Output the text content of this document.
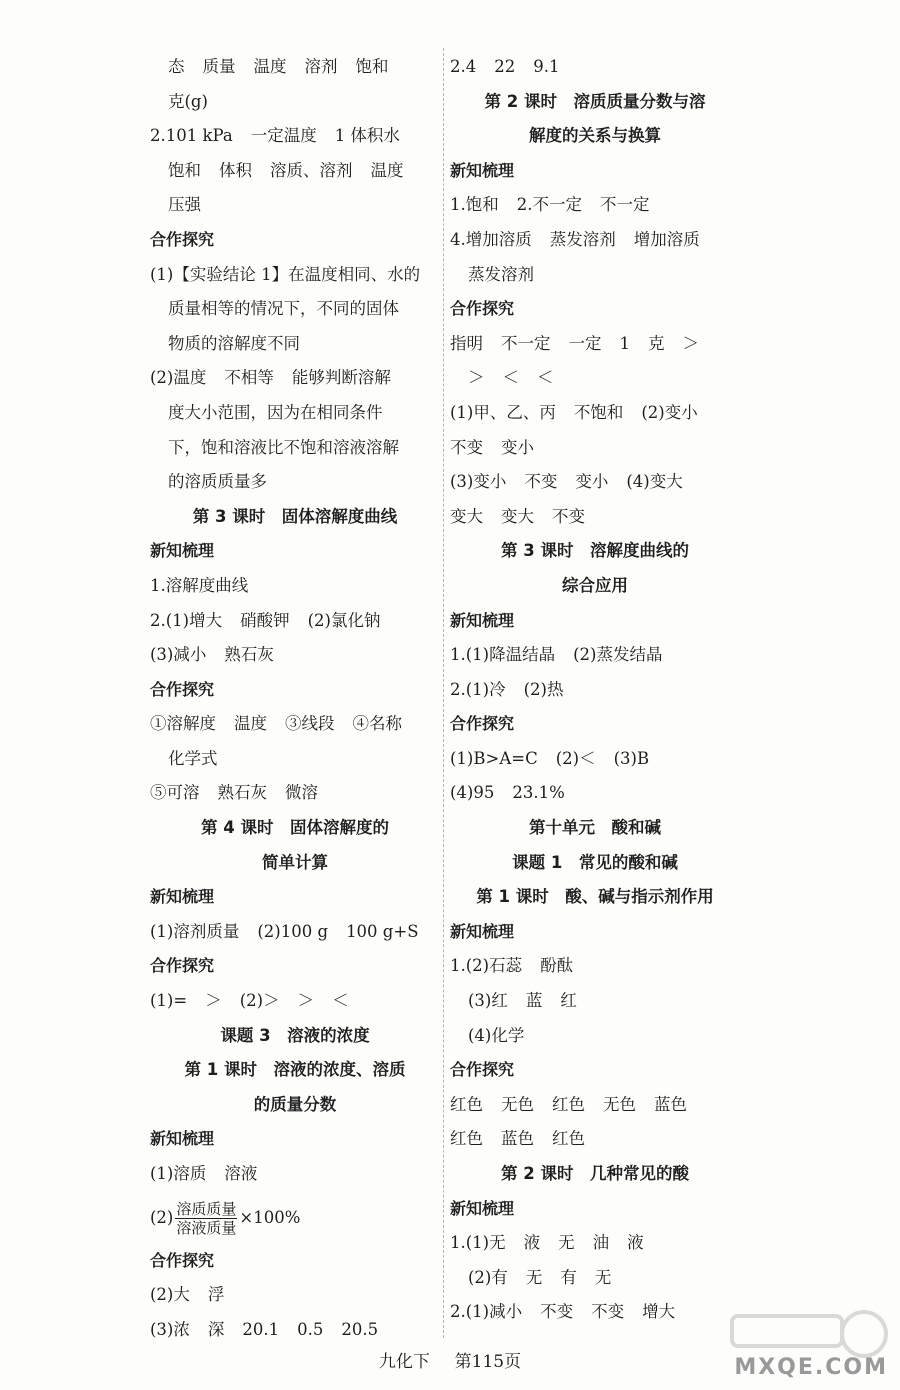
态 质量 温度 溶剂 饱和
克(g)
2.101 kPa 一定温度 1 体积水
饱和 体积 溶质、溶剂 温度
压强
合作探究
(1)【实验结论 1】在温度相同、水的
质量相等的情况下，不同的固体
物质的溶解度不同
(2)温度 不相等 能够判断溶解
度大小范围，因为在相同条件
下，饱和溶液比不饱和溶液溶解
的溶质质量多
第 3 课时　固体溶解度曲线
新知梳理
1.溶解度曲线
2.(1)增大 硝酸钾 (2)氯化钠
(3)减小 熟石灰
合作探究
①溶解度 温度 ③线段 ④名称
化学式
⑤可溶 熟石灰 微溶
第 4 课时　固体溶解度的
简单计算
新知梳理
(1)溶剂质量 (2)100 g 100 g+S
合作探究
(1)= ＞ (2)＞ ＞ ＜
课题 3　溶液的浓度
第 1 课时　溶液的浓度、溶质
的质量分数
新知梳理
(1)溶质 溶液
$(2) \frac{\text{溶质质量}}{\text{溶液质量}} \times 100\%$
合作探究
(2)大 浮
(3)浓 深 20.1 0.5 20.5
2.4 22 9.1
第 2 课时　溶质质量分数与溶
解度的关系与换算
新知梳理
1.饱和 2.不一定 不一定
4.增加溶质 蒸发溶剂 增加溶质
蒸发溶剂
合作探究
指明 不一定 一定 1 克 ＞
＞ ＜ ＜
(1)甲、乙、丙 不饱和 (2)变小
不变 变小
(3)变小 不变 变小 (4)变大
变大 变大 不变
第 3 课时　溶解度曲线的
综合应用
新知梳理
1.(1)降温结晶 (2)蒸发结晶
2.(1)冷 (2)热
合作探究
(1)B>A=C (2)＜ (3)B
(4)95 23.1%
第十单元　酸和碱
课题 1　常见的酸和碱
第 1 课时　酸、碱与指示剂作用
新知梳理
1.(2)石蕊 酚酞
(3)红 蓝 红
(4)化学
合作探究
红色 无色 红色 无色 蓝色
红色 蓝色 红色
第 2 课时　几种常见的酸
新知梳理
1.(1)无 液 无 油 液
(2)有 无 有 无
2.(1)减小 不变 不变 增大
九化下 第115页	MXQE.COM
